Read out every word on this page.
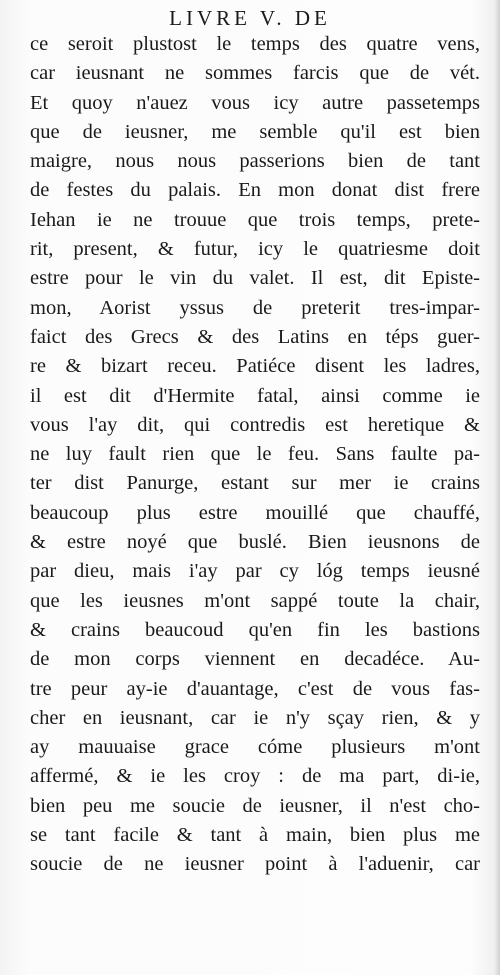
LIVRE V. DE
ce seroit plustost le temps des quatre vens,
car ieusnant ne sommes farcis que de vét.
Et quoy n'auez vous icy autre passetemps
que de ieusner, me semble qu'il est bien
maigre, nous nous passerions bien de tant
de festes du palais. En mon donat dist frere
Iehan ie ne trouue que trois temps, prete-
rit, present, & futur, icy le quatriesme doit
estre pour le vin du valet. Il est, dit Episte-
mon, Aorist yssus de preterit tres-impar-
faict des Grecs & des Latins en téps guer-
re & bizart receu. Patiéce disent les ladres,
il est dit d'Hermite fatal, ainsi comme ie
vous l'ay dit, qui contredis est heretique &
ne luy fault rien que le feu. Sans faulte pa-
ter dist Panurge, estant sur mer ie crains
beaucoup plus estre mouillé que chauffé,
& estre noyé que buslé. Bien ieusnons de
par dieu, mais i'ay par cy lóg temps ieusné
que les ieusnes m'ont sappé toute la chair,
& crains beaucoud qu'en fin les bastions
de mon corps viennent en decadéce. Au-
tre peur ay-ie d'auantage, c'est de vous fas-
cher en ieusnant, car ie n'y sçay rien, & y
ay mauuaise grace cóme plusieurs m'ont
affermé, & ie les croy : de ma part, di-ie,
bien peu me soucie de ieusner, il n'est cho-
se tant facile & tant à main, bien plus me
soucie de ne ieusner point à l'aduenir, car
